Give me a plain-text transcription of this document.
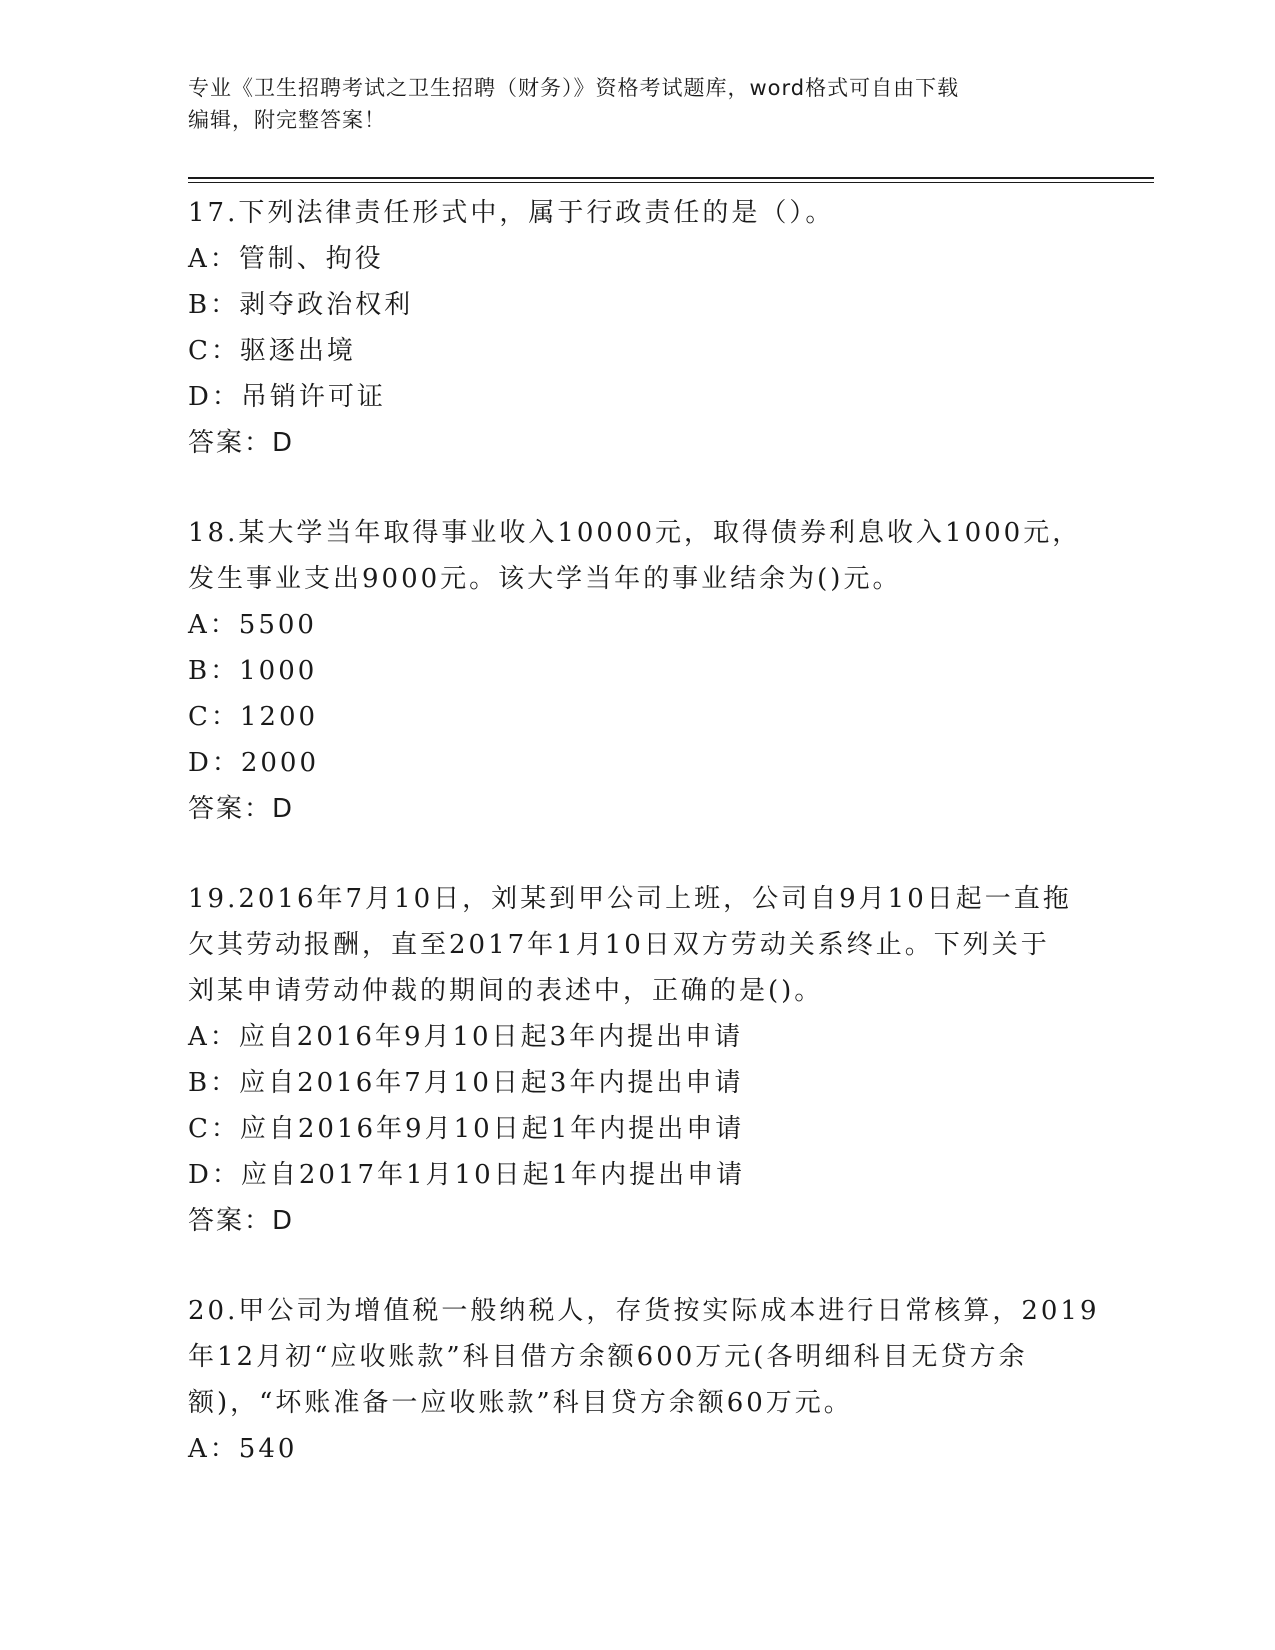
专业《卫生招聘考试之卫生招聘（财务）》资格考试题库，word格式可自由下载
编辑，附完整答案！
17.下列法律责任形式中，属于行政责任的是（）。
A：管制、拘役
B：剥夺政治权利
C：驱逐出境
D：吊销许可证
答案：D
18.某大学当年取得事业收入10000元，取得债券利息收入1000元，
发生事业支出9000元。该大学当年的事业结余为()元。
A：5500
B：1000
C：1200
D：2000
答案：D
19.2016年7月10日，刘某到甲公司上班，公司自9月10日起一直拖
欠其劳动报酬，直至2017年1月10日双方劳动关系终止。下列关于
刘某申请劳动仲裁的期间的表述中，正确的是()。
A：应自2016年9月10日起3年内提出申请
B：应自2016年7月10日起3年内提出申请
C：应自2016年9月10日起1年内提出申请
D：应自2017年1月10日起1年内提出申请
答案：D
20.甲公司为增值税一般纳税人，存货按实际成本进行日常核算，2019
年12月初“应收账款”科目借方余额600万元(各明细科目无贷方余
额)，“坏账准备一应收账款”科目贷方余额60万元。
A：540
